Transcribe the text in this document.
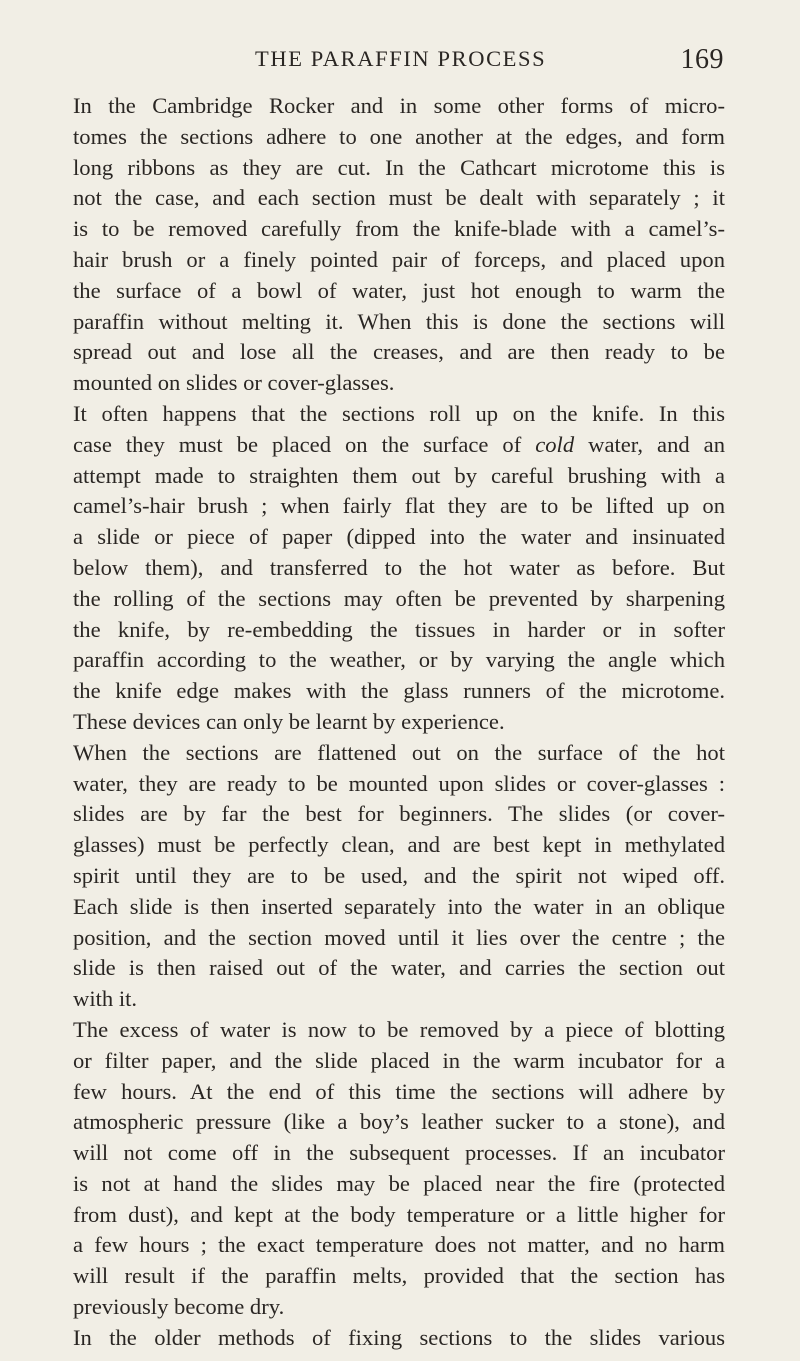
THE PARAFFIN PROCESS	169
In the Cambridge Rocker and in some other forms of micro-
tomes the sections adhere to one another at the edges, and form
long ribbons as they are cut. In the Cathcart microtome this is
not the case, and each section must be dealt with separately ; it
is to be removed carefully from the knife-blade with a camel’s-
hair brush or a finely pointed pair of forceps, and placed upon
the surface of a bowl of water, just hot enough to warm the
paraffin without melting it. When this is done the sections will
spread out and lose all the creases, and are then ready to be
mounted on slides or cover-glasses.
It often happens that the sections roll up on the knife. In this
case they must be placed on the surface of cold water, and an
attempt made to straighten them out by careful brushing with a
camel’s-hair brush ; when fairly flat they are to be lifted up on
a slide or piece of paper (dipped into the water and insinuated
below them), and transferred to the hot water as before. But
the rolling of the sections may often be prevented by sharpening
the knife, by re-embedding the tissues in harder or in softer
paraffin according to the weather, or by varying the angle which
the knife edge makes with the glass runners of the microtome.
These devices can only be learnt by experience.
When the sections are flattened out on the surface of the hot
water, they are ready to be mounted upon slides or cover-glasses :
slides are by far the best for beginners. The slides (or cover-
glasses) must be perfectly clean, and are best kept in methylated
spirit until they are to be used, and the spirit not wiped off.
Each slide is then inserted separately into the water in an oblique
position, and the section moved until it lies over the centre ; the
slide is then raised out of the water, and carries the section out
with it.
The excess of water is now to be removed by a piece of blotting
or filter paper, and the slide placed in the warm incubator for a
few hours. At the end of this time the sections will adhere by
atmospheric pressure (like a boy’s leather sucker to a stone), and
will not come off in the subsequent processes. If an incubator
is not at hand the slides may be placed near the fire (protected
from dust), and kept at the body temperature or a little higher for
a few hours ; the exact temperature does not matter, and no harm
will result if the paraffin melts, provided that the section has
previously become dry.
In the older methods of fixing sections to the slides various
